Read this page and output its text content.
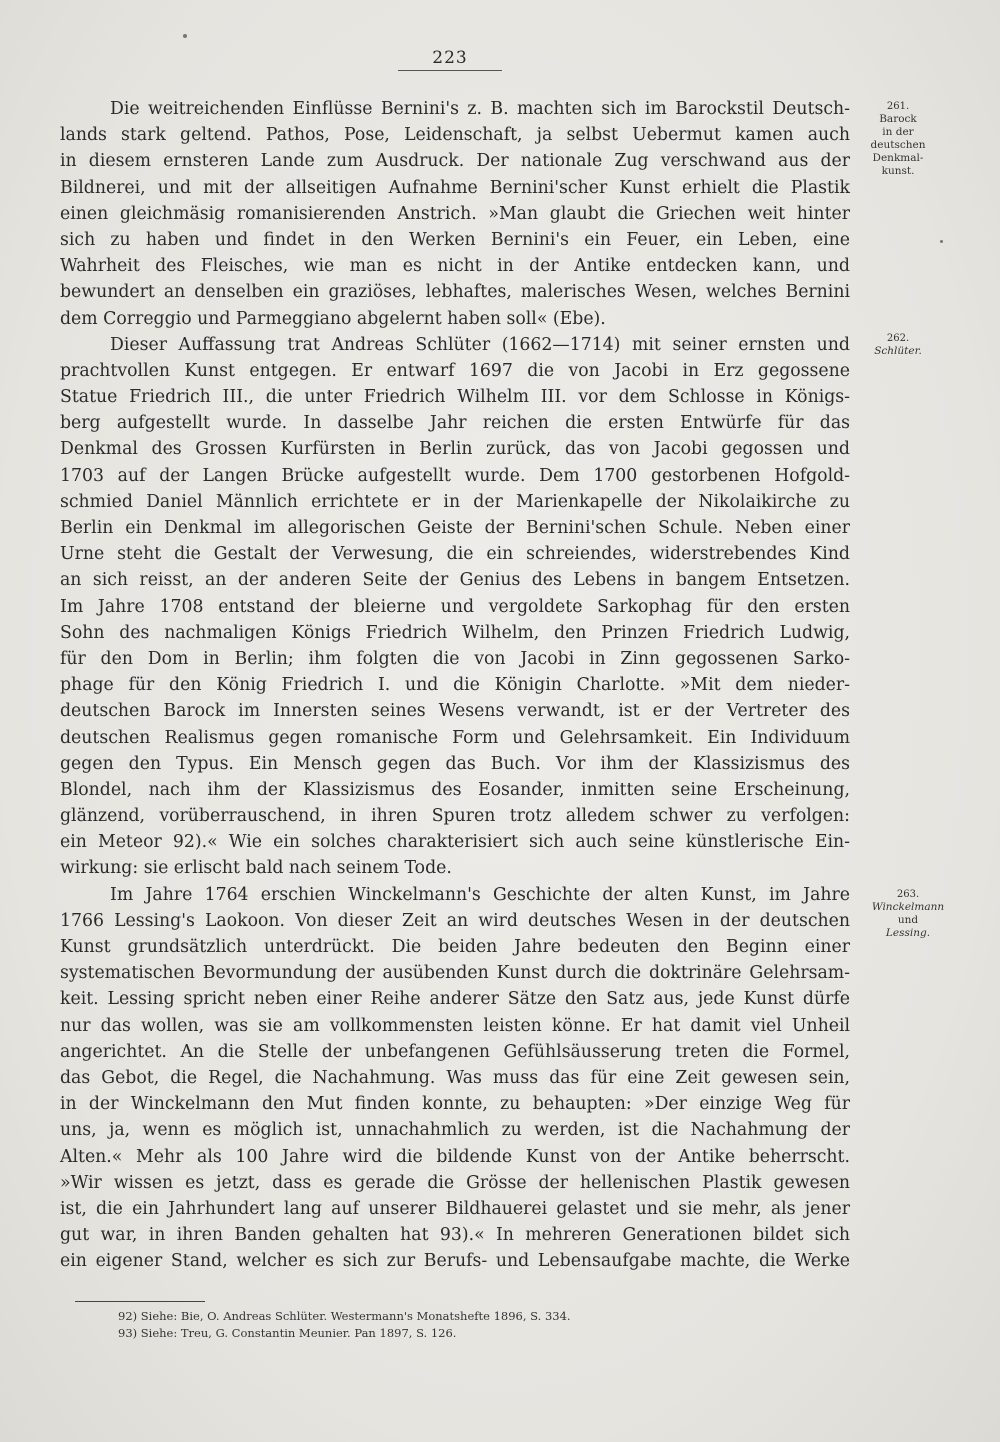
223
261.
Barock
in der
deutschen
Denkmal-
kunst.
262.
Schlüter.
263.
Winckelmann
und
Lessing.
Die weitreichenden Einflüsse Bernini's z. B. machten sich im Barockstil Deutsch-
lands stark geltend. Pathos, Pose, Leidenschaft, ja selbst Uebermut kamen auch
in diesem ernsteren Lande zum Ausdruck. Der nationale Zug verschwand aus der
Bildnerei, und mit der allseitigen Aufnahme Bernini'scher Kunst erhielt die Plastik
einen gleichmäsig romanisierenden Anstrich. »Man glaubt die Griechen weit hinter
sich zu haben und findet in den Werken Bernini's ein Feuer, ein Leben, eine
Wahrheit des Fleisches, wie man es nicht in der Antike entdecken kann, und
bewundert an denselben ein graziöses, lebhaftes, malerisches Wesen, welches Bernini
dem Correggio und Parmeggiano abgelernt haben soll« (Ebe).
Dieser Auffassung trat Andreas Schlüter (1662—1714) mit seiner ernsten und
prachtvollen Kunst entgegen. Er entwarf 1697 die von Jacobi in Erz gegossene
Statue Friedrich III., die unter Friedrich Wilhelm III. vor dem Schlosse in Königs-
berg aufgestellt wurde. In dasselbe Jahr reichen die ersten Entwürfe für das
Denkmal des Grossen Kurfürsten in Berlin zurück, das von Jacobi gegossen und
1703 auf der Langen Brücke aufgestellt wurde. Dem 1700 gestorbenen Hofgold-
schmied Daniel Männlich errichtete er in der Marienkapelle der Nikolaikirche zu
Berlin ein Denkmal im allegorischen Geiste der Bernini'schen Schule. Neben einer
Urne steht die Gestalt der Verwesung, die ein schreiendes, widerstrebendes Kind
an sich reisst, an der anderen Seite der Genius des Lebens in bangem Entsetzen.
Im Jahre 1708 entstand der bleierne und vergoldete Sarkophag für den ersten
Sohn des nachmaligen Königs Friedrich Wilhelm, den Prinzen Friedrich Ludwig,
für den Dom in Berlin; ihm folgten die von Jacobi in Zinn gegossenen Sarko-
phage für den König Friedrich I. und die Königin Charlotte. »Mit dem nieder-
deutschen Barock im Innersten seines Wesens verwandt, ist er der Vertreter des
deutschen Realismus gegen romanische Form und Gelehrsamkeit. Ein Individuum
gegen den Typus. Ein Mensch gegen das Buch. Vor ihm der Klassizismus des
Blondel, nach ihm der Klassizismus des Eosander, inmitten seine Erscheinung,
glänzend, vorüberrauschend, in ihren Spuren trotz alledem schwer zu verfolgen:
ein Meteor 92).« Wie ein solches charakterisiert sich auch seine künstlerische Ein-
wirkung: sie erlischt bald nach seinem Tode.
Im Jahre 1764 erschien Winckelmann's Geschichte der alten Kunst, im Jahre
1766 Lessing's Laokoon. Von dieser Zeit an wird deutsches Wesen in der deutschen
Kunst grundsätzlich unterdrückt. Die beiden Jahre bedeuten den Beginn einer
systematischen Bevormundung der ausübenden Kunst durch die doktrinäre Gelehrsam-
keit. Lessing spricht neben einer Reihe anderer Sätze den Satz aus, jede Kunst dürfe
nur das wollen, was sie am vollkommensten leisten könne. Er hat damit viel Unheil
angerichtet. An die Stelle der unbefangenen Gefühlsäusserung treten die Formel,
das Gebot, die Regel, die Nachahmung. Was muss das für eine Zeit gewesen sein,
in der Winckelmann den Mut finden konnte, zu behaupten: »Der einzige Weg für
uns, ja, wenn es möglich ist, unnachahmlich zu werden, ist die Nachahmung der
Alten.« Mehr als 100 Jahre wird die bildende Kunst von der Antike beherrscht.
»Wir wissen es jetzt, dass es gerade die Grösse der hellenischen Plastik gewesen
ist, die ein Jahrhundert lang auf unserer Bildhauerei gelastet und sie mehr, als jener
gut war, in ihren Banden gehalten hat 93).« In mehreren Generationen bildet sich
ein eigener Stand, welcher es sich zur Berufs- und Lebensaufgabe machte, die Werke
92) Siehe: Bie, O. Andreas Schlüter. Westermann's Monatshefte 1896, S. 334.
93) Siehe: Treu, G. Constantin Meunier. Pan 1897, S. 126.
